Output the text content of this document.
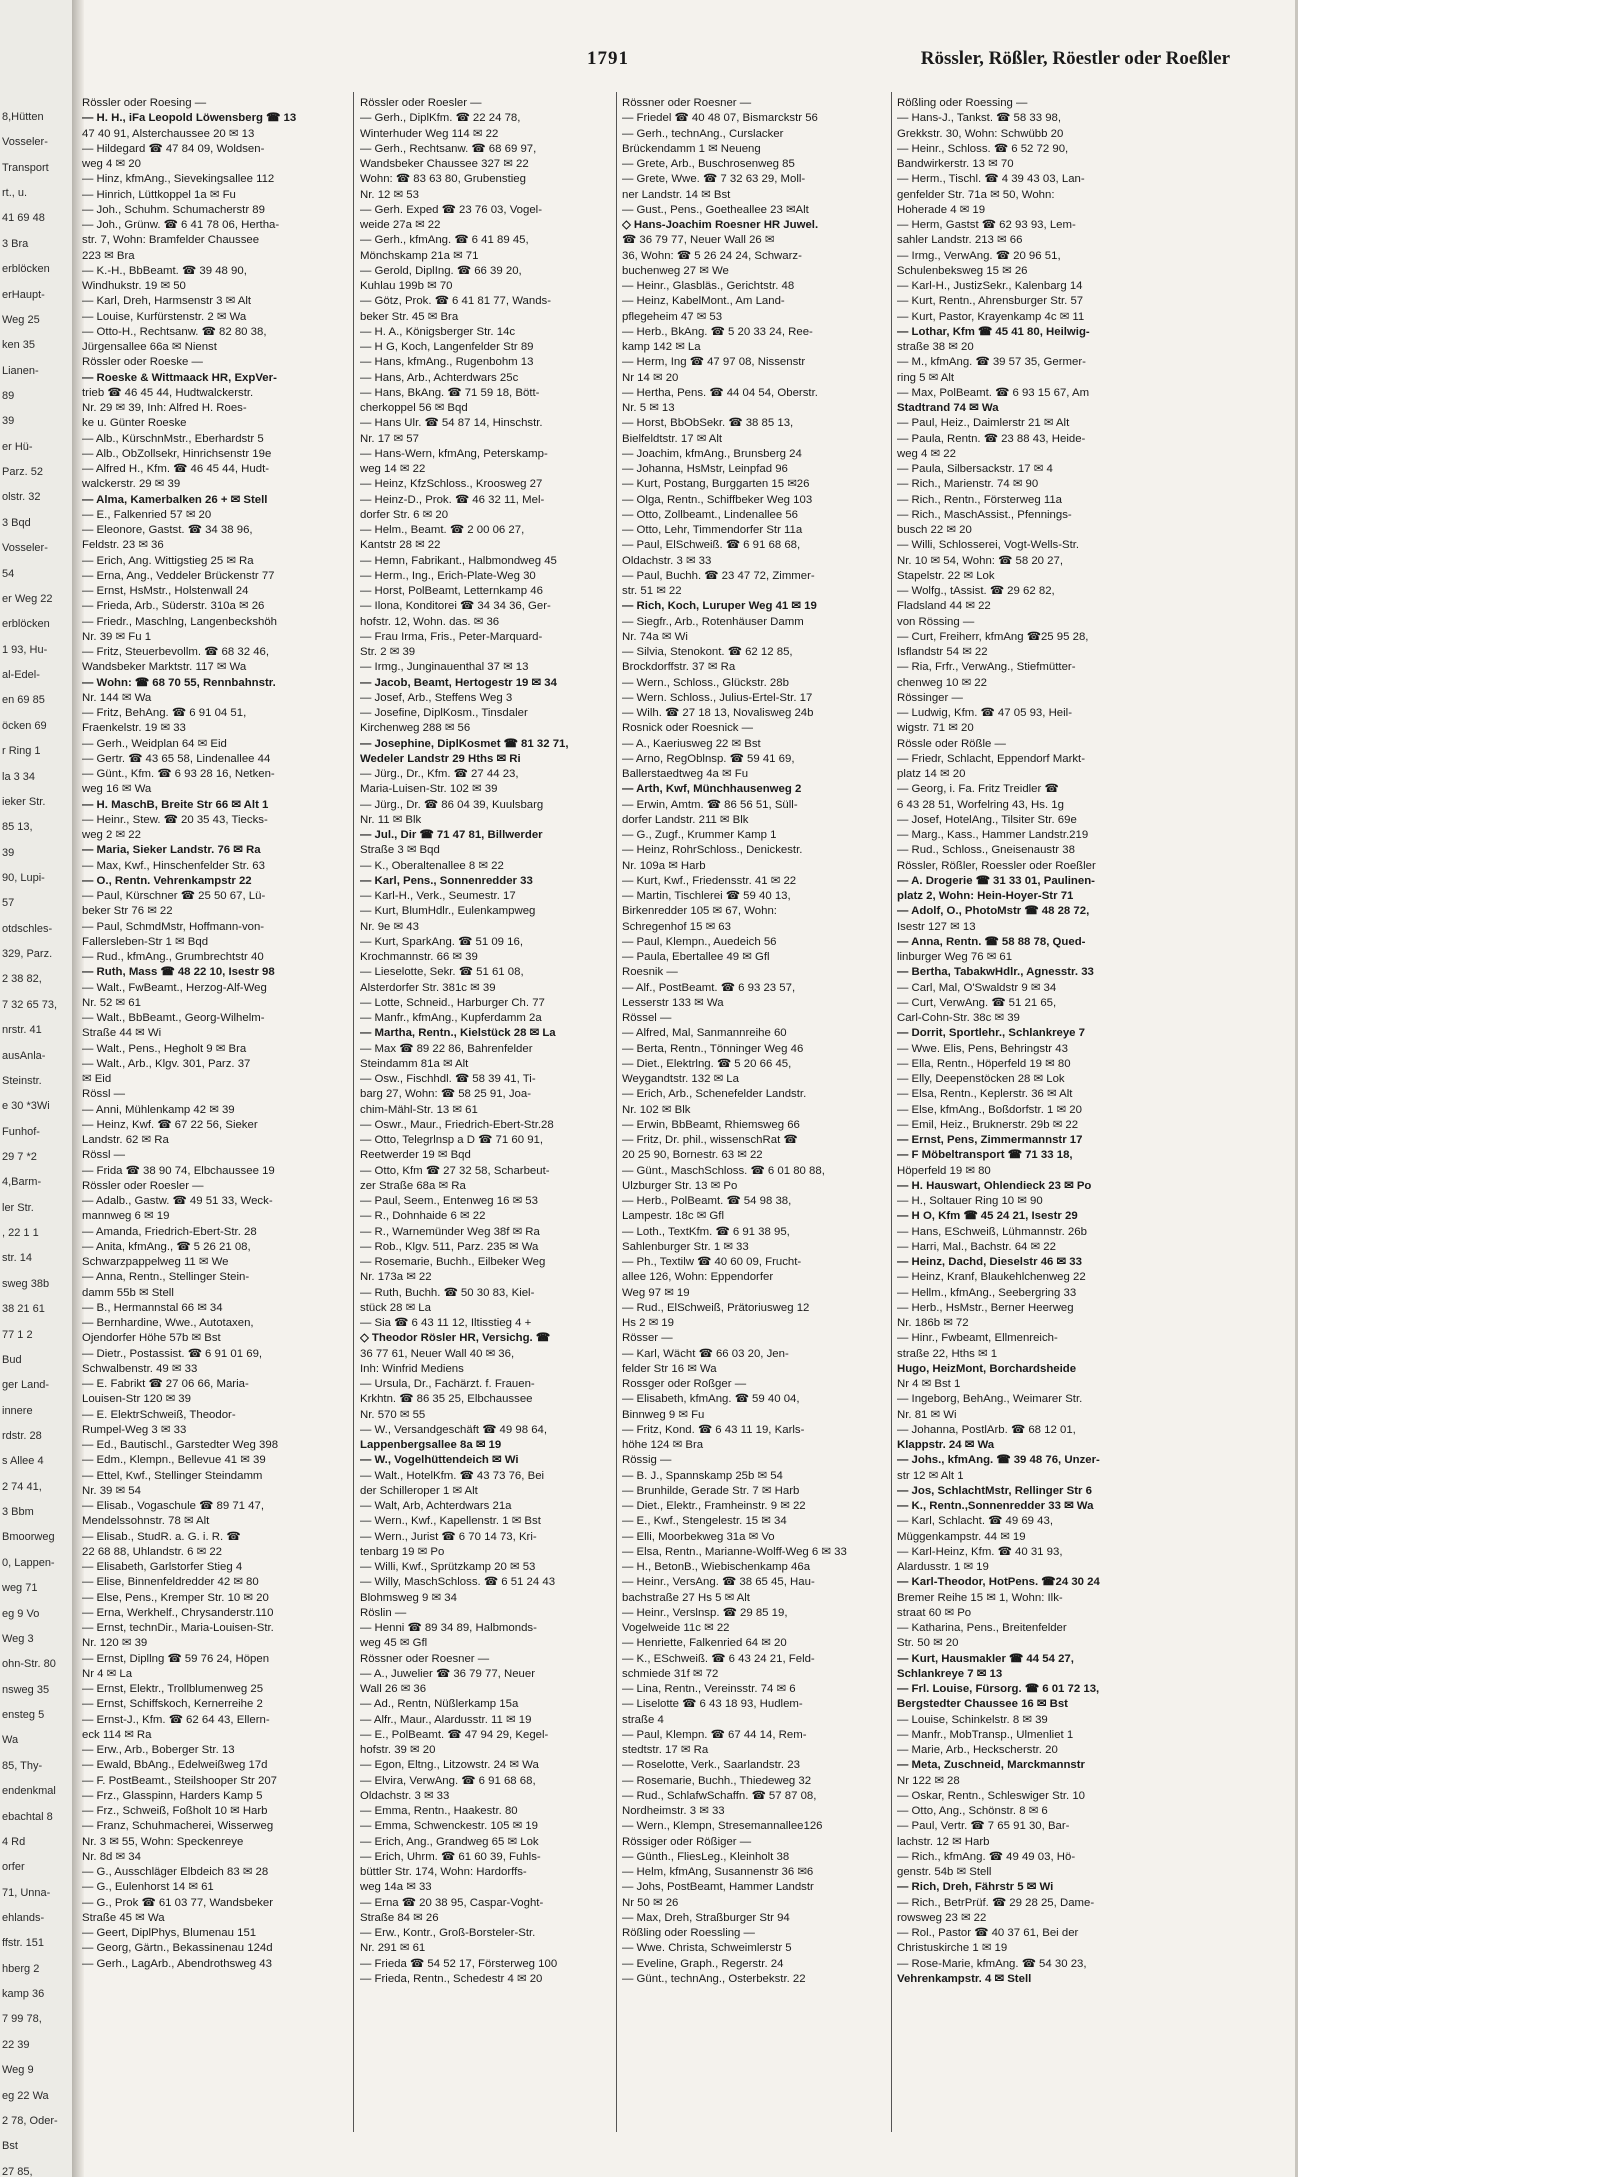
8,Hütten
Vosseler-
Transport
rt., u.
41 69 48
3 Bra
erblöcken
erHaupt-
Weg 25
ken 35
Lianen-
89
39
er Hü-
Parz. 52
olstr. 32
3 Bqd
Vosseler-
54
er Weg 22
erblöcken
1 93, Hu-
al-Edel-
en 69 85
öcken 69
r Ring 1
la 3 34
ieker Str.
85 13,
39
90, Lupi-
57
otdschles-
329, Parz.
2 38 82,
7 32 65 73,
nrstr. 41
ausAnla-
Steinstr.
e 30 *3Wi
Funhof-
29 7 *2
4,Barm-
ler Str.
, 22 1 1
str. 14
sweg 38b
38 21 61
77 1 2
Bud
ger Land-
innere
rdstr. 28
s Allee 4
2 74 41,
3 Bbm
Bmoorweg
0, Lappen-
weg 71
eg 9 Vo
Weg 3
ohn-Str. 80
nsweg 35
ensteg 5
Wa
85, Thy-
endenkmal
ebachtal 8
4 Rd
orfer
71, Unna-
ehlands-
ffstr. 151
hberg 2
kamp 36
7 99 78,
22 39
Weg 9
eg 22 Wa
2 78, Oder-
Bst
27 85,
1791	Rössler, Rößler, Röestler oder Roeßler
Rössler oder Roesing —
— H. H., iFa Leopold Löwensberg ☎ 13
47 40 91, Alsterchaussee 20 ✉ 13
— Hildegard ☎ 47 84 09, Woldsen-
weg 4 ✉ 20
— Hinz, kfmAng., Sievekingsallee 112
— Hinrich, Lüttkoppel 1a ✉ Fu
— Joh., Schuhm. Schumacherstr 89
— Joh., Grünw. ☎ 6 41 78 06, Hertha-
str. 7, Wohn: Bramfelder Chaussee
223 ✉ Bra
— K.-H., BbBeamt. ☎ 39 48 90,
Windhukstr. 19 ✉ 50
— Karl, Dreh, Harmsenstr 3 ✉ Alt
— Louise, Kurfürstenstr. 2 ✉ Wa
— Otto-H., Rechtsanw. ☎ 82 80 38,
Jürgensallee 66a ✉ Nienst
Rössler oder Roeske —
— Roeske & Wittmaack HR, ExpVer-
trieb ☎ 46 45 44, Hudtwalckerstr.
Nr. 29 ✉ 39, Inh: Alfred H. Roes-
ke u. Günter Roeske
— Alb., KürschnMstr., Eberhardstr 5
— Alb., ObZollsekr, Hinrichsenstr 19e
— Alfred H., Kfm. ☎ 46 45 44, Hudt-
walckerstr. 29 ✉ 39
— Alma, Kamerbalken 26 + ✉ Stell
— E., Falkenried 57 ✉ 20
— Eleonore, Gastst. ☎ 34 38 96,
Feldstr. 23 ✉ 36
— Erich, Ang. Wittigstieg 25 ✉ Ra
— Erna, Ang., Veddeler Brückenstr 77
— Ernst, HsMstr., Holstenwall 24
— Frieda, Arb., Süderstr. 310a ✉ 26
— Friedr., Maschlng, Langenbeckshöh
Nr. 39 ✉ Fu 1
— Fritz, Steuerbevollm. ☎ 68 32 46,
Wandsbeker Marktstr. 117 ✉ Wa
— Wohn: ☎ 68 70 55, Rennbahnstr.
Nr. 144 ✉ Wa
— Fritz, BehAng. ☎ 6 91 04 51,
Fraenkelstr. 19 ✉ 33
— Gerh., Weidplan 64 ✉ Eid
— Gertr. ☎ 43 65 58, Lindenallee 44
— Günt., Kfm. ☎ 6 93 28 16, Netken-
weg 16 ✉ Wa
— H. MaschB, Breite Str 66 ✉ Alt 1
— Heinr., Stew. ☎ 20 35 43, Tiecks-
weg 2 ✉ 22
— Maria, Sieker Landstr. 76 ✉ Ra
— Max, Kwf., Hinschenfelder Str. 63
— O., Rentn. Vehrenkampstr 22
— Paul, Kürschner ☎ 25 50 67, Lü-
beker Str 76 ✉ 22
— Paul, SchmdMstr, Hoffmann-von-
Fallersleben-Str 1 ✉ Bqd
— Rud., kfmAng., Grumbrechtstr 40
— Ruth, Mass ☎ 48 22 10, Isestr 98
— Walt., FwBeamt., Herzog-Alf-Weg
Nr. 52 ✉ 61
— Walt., BbBeamt., Georg-Wilhelm-
Straße 44 ✉ Wi
— Walt., Pens., Hegholt 9 ✉ Bra
— Walt., Arb., Klgv. 301, Parz. 37
✉ Eid
Rössl —
— Anni, Mühlenkamp 42 ✉ 39
— Heinz, Kwf. ☎ 67 22 56, Sieker
Landstr. 62 ✉ Ra
Rössl —
— Frida ☎ 38 90 74, Elbchaussee 19
Rössler oder Roesler —
— Adalb., Gastw. ☎ 49 51 33, Weck-
mannweg 6 ✉ 19
— Amanda, Friedrich-Ebert-Str. 28
— Anita, kfmAng., ☎ 5 26 21 08,
Schwarzpappelweg 11 ✉ We
— Anna, Rentn., Stellinger Stein-
damm 55b ✉ Stell
— B., Hermannstal 66 ✉ 34
— Bernhardine, Wwe., Autotaxen,
Ojendorfer Höhe 57b ✉ Bst
— Dietr., Postassist. ☎ 6 91 01 69,
Schwalbenstr. 49 ✉ 33
— E. Fabrikt ☎ 27 06 66, Maria-
Louisen-Str 120 ✉ 39
— E. ElektrSchweiß, Theodor-
Rumpel-Weg 3 ✉ 33
— Ed., Bautischl., Garstedter Weg 398
— Edm., Klempn., Bellevue 41 ✉ 39
— Ettel, Kwf., Stellinger Steindamm
Nr. 39 ✉ 54
— Elisab., Vogaschule ☎ 89 71 47,
Mendelssohnstr. 78 ✉ Alt
— Elisab., StudR. a. G. i. R. ☎
22 68 88, Uhlandstr. 6 ✉ 22
— Elisabeth, Garlstorfer Stieg 4
— Elise, Binnenfeldredder 42 ✉ 80
— Else, Pens., Kremper Str. 10 ✉ 20
— Erna, Werkhelf., Chrysanderstr.110
— Ernst, technDir., Maria-Louisen-Str.
Nr. 120 ✉ 39
— Ernst, Dipllng ☎ 59 76 24, Höpen
Nr 4 ✉ La
— Ernst, Elektr., Trollblumenweg 25
— Ernst, Schiffskoch, Kernerreihe 2
— Ernst-J., Kfm. ☎ 62 64 43, Ellern-
eck 114 ✉ Ra
— Erw., Arb., Boberger Str. 13
— Ewald, BbAng., Edelweißweg 17d
— F. PostBeamt., Steilshooper Str 207
— Frz., Glasspinn, Harders Kamp 5
— Frz., Schweiß, Foßholt 10 ✉ Harb
— Franz, Schuhmacherei, Wisserweg
Nr. 3 ✉ 55, Wohn: Speckenreye
Nr. 8d ✉ 34
— G., Ausschläger Elbdeich 83 ✉ 28
— G., Eulenhorst 14 ✉ 61
— G., Prok ☎ 61 03 77, Wandsbeker
Straße 45 ✉ Wa
— Geert, DiplPhys, Blumenau 151
— Georg, Gärtn., Bekassinenau 124d
— Gerh., LagArb., Abendrothsweg 43
Rössler oder Roesler —
— Gerh., DiplKfm. ☎ 22 24 78,
Winterhuder Weg 114 ✉ 22
— Gerh., Rechtsanw. ☎ 68 69 97,
Wandsbeker Chaussee 327 ✉ 22
Wohn: ☎ 83 63 80, Grubenstieg
Nr. 12 ✉ 53
— Gerh. Exped ☎ 23 76 03, Vogel-
weide 27a ✉ 22
— Gerh., kfmAng. ☎ 6 41 89 45,
Mönchskamp 21a ✉ 71
— Gerold, DiplIng. ☎ 66 39 20,
Kuhlau 199b ✉ 70
— Götz, Prok. ☎ 6 41 81 77, Wands-
beker Str. 45 ✉ Bra
— H. A., Königsberger Str. 14c
— H G, Koch, Langenfelder Str 89
— Hans, kfmAng., Rugenbohm 13
— Hans, Arb., Achterdwars 25c
— Hans, BkAng. ☎ 71 59 18, Bött-
cherkoppel 56 ✉ Bqd
— Hans Ulr. ☎ 54 87 14, Hinschstr.
Nr. 17 ✉ 57
— Hans-Wern, kfmAng, Peterskamp-
weg 14 ✉ 22
— Heinz, KfzSchloss., Kroosweg 27
— Heinz-D., Prok. ☎ 46 32 11, Mel-
dorfer Str. 6 ✉ 20
— Helm., Beamt. ☎ 2 00 06 27,
Kantstr 28 ✉ 22
— Hemn, Fabrikant., Halbmondweg 45
— Herm., Ing., Erich-Plate-Weg 30
— Horst, PolBeamt, Letternkamp 46
— Ilona, Konditorei ☎ 34 34 36, Ger-
hofstr. 12, Wohn. das. ✉ 36
— Frau Irma, Fris., Peter-Marquard-
Str. 2 ✉ 39
— Irmg., Junginauenthal 37 ✉ 13
— Jacob, Beamt, Hertogestr 19 ✉ 34
— Josef, Arb., Steffens Weg 3
— Josefine, DiplKosm., Tinsdaler
Kirchenweg 288 ✉ 56
— Josephine, DiplKosmet ☎ 81 32 71,
Wedeler Landstr 29 Hths ✉ Ri
— Jürg., Dr., Kfm. ☎ 27 44 23,
Maria-Luisen-Str. 102 ✉ 39
— Jürg., Dr. ☎ 86 04 39, Kuulsbarg
Nr. 11 ✉ Blk
— Jul., Dir ☎ 71 47 81, Billwerder
Straße 3 ✉ Bqd
— K., Oberaltenallee 8 ✉ 22
— Karl, Pens., Sonnenredder 33
— Karl-H., Verk., Seumestr. 17
— Kurt, BlumHdlr., Eulenkampweg
Nr. 9e ✉ 43
— Kurt, SparkAng. ☎ 51 09 16,
Krochmannstr. 66 ✉ 39
— Lieselotte, Sekr. ☎ 51 61 08,
Alsterdorfer Str. 381c ✉ 39
— Lotte, Schneid., Harburger Ch. 77
— Manfr., kfmAng., Kupferdamm 2a
— Martha, Rentn., Kielstück 28 ✉ La
— Max ☎ 89 22 86, Bahrenfelder
Steindamm 81a ✉ Alt
— Osw., Fischhdl. ☎ 58 39 41, Ti-
barg 27, Wohn: ☎ 58 25 91, Joa-
chim-Mähl-Str. 13 ✉ 61
— Oswr., Maur., Friedrich-Ebert-Str.28
— Otto, Telegrlnsp a D ☎ 71 60 91,
Reetwerder 19 ✉ Bqd
— Otto, Kfm ☎ 27 32 58, Scharbeut-
zer Straße 68a ✉ Ra
— Paul, Seem., Entenweg 16 ✉ 53
— R., Dohnhaide 6 ✉ 22
— R., Warnemünder Weg 38f ✉ Ra
— Rob., Klgv. 511, Parz. 235 ✉ Wa
— Rosemarie, Buchh., Eilbeker Weg
Nr. 173a ✉ 22
— Ruth, Buchh. ☎ 50 30 83, Kiel-
stück 28 ✉ La
— Sia ☎ 6 43 11 12, Iltisstieg 4 +
◇ Theodor Rösler HR, Versichg. ☎
36 77 61, Neuer Wall 40 ✉ 36,
Inh: Winfrid Mediens
— Ursula, Dr., Fachärzt. f. Frauen-
Krkhtn. ☎ 86 35 25, Elbchaussee
Nr. 570 ✉ 55
— W., Versandgeschäft ☎ 49 98 64,
Lappenbergsallee 8a ✉ 19
— W., Vogelhüttendeich ✉ Wi
— Walt., HotelKfm. ☎ 43 73 76, Bei
der Schilleroper 1 ✉ Alt
— Walt, Arb, Achterdwars 21a
— Wern., Kwf., Kapellenstr. 1 ✉ Bst
— Wern., Jurist ☎ 6 70 14 73, Kri-
tenbarg 19 ✉ Po
— Willi, Kwf., Sprützkamp 20 ✉ 53
— Willy, MaschSchloss. ☎ 6 51 24 43
Blohmsweg 9 ✉ 34
Röslin —
— Henni ☎ 89 34 89, Halbmonds-
weg 45 ✉ Gfl
Rössner oder Roesner —
— A., Juwelier ☎ 36 79 77, Neuer
Wall 26 ✉ 36
— Ad., Rentn, Nüßlerkamp 15a
— Alfr., Maur., Alardusstr. 11 ✉ 19
— E., PolBeamt. ☎ 47 94 29, Kegel-
hofstr. 39 ✉ 20
— Egon, Eltng., Litzowstr. 24 ✉ Wa
— Elvira, VerwAng. ☎ 6 91 68 68,
Oldachstr. 3 ✉ 33
— Emma, Rentn., Haakestr. 80
— Emma, Schwenckestr. 105 ✉ 19
— Erich, Ang., Grandweg 65 ✉ Lok
— Erich, Uhrm. ☎ 61 60 39, Fuhls-
büttler Str. 174, Wohn: Hardorffs-
weg 14a ✉ 33
— Erna ☎ 20 38 95, Caspar-Voght-
Straße 84 ✉ 26
— Erw., Kontr., Groß-Borsteler-Str.
Nr. 291 ✉ 61
— Frieda ☎ 54 52 17, Försterweg 100
— Frieda, Rentn., Schedestr 4 ✉ 20
Rössner oder Roesner —
— Friedel ☎ 40 48 07, Bismarckstr 56
— Gerh., technAng., Curslacker
Brückendamm 1 ✉ Neueng
— Grete, Arb., Buschrosenweg 85
— Grete, Wwe. ☎ 7 32 63 29, Moll-
ner Landstr. 14 ✉ Bst
— Gust., Pens., Goetheallee 23 ✉Alt
◇ Hans-Joachim Roesner HR Juwel.
☎ 36 79 77, Neuer Wall 26 ✉
36, Wohn: ☎ 5 26 24 24, Schwarz-
buchenweg 27 ✉ We
— Heinr., Glasbläs., Gerichtstr. 48
— Heinz, KabelMont., Am Land-
pflegeheim 47 ✉ 53
— Herb., BkAng. ☎ 5 20 33 24, Ree-
kamp 142 ✉ La
— Herm, Ing ☎ 47 97 08, Nissenstr
Nr 14 ✉ 20
— Hertha, Pens. ☎ 44 04 54, Oberstr.
Nr. 5 ✉ 13
— Horst, BbObSekr. ☎ 38 85 13,
Bielfeldtstr. 17 ✉ Alt
— Joachim, kfmAng., Brunsberg 24
— Johanna, HsMstr, Leinpfad 96
— Kurt, Postang, Burggarten 15 ✉26
— Olga, Rentn., Schiffbeker Weg 103
— Otto, Zollbeamt., Lindenallee 56
— Otto, Lehr, Timmendorfer Str 11a
— Paul, ElSchweiß. ☎ 6 91 68 68,
Oldachstr. 3 ✉ 33
— Paul, Buchh. ☎ 23 47 72, Zimmer-
str. 51 ✉ 22
— Rich, Koch, Luruper Weg 41 ✉ 19
— Siegfr., Arb., Rotenhäuser Damm
Nr. 74a ✉ Wi
— Silvia, Stenokont. ☎ 62 12 85,
Brockdorffstr. 37 ✉ Ra
— Wern., Schloss., Glückstr. 28b
— Wern. Schloss., Julius-Ertel-Str. 17
— Wilh. ☎ 27 18 13, Novalisweg 24b
Rosnick oder Roesnick —
— A., Kaeriusweg 22 ✉ Bst
— Arno, RegOblnsp. ☎ 59 41 69,
Ballerstaedtweg 4a ✉ Fu
— Arth, Kwf, Münchhausenweg 2
— Erwin, Amtm. ☎ 86 56 51, Süll-
dorfer Landstr. 211 ✉ Blk
— G., Zugf., Krummer Kamp 1
— Heinz, RohrSchloss., Denickestr.
Nr. 109a ✉ Harb
— Kurt, Kwf., Friedensstr. 41 ✉ 22
— Martin, Tischlerei ☎ 59 40 13,
Birkenredder 105 ✉ 67, Wohn:
Schregenhof 15 ✉ 63
— Paul, Klempn., Auedeich 56
— Paula, Ebertallee 49 ✉ Gfl
Roesnik —
— Alf., PostBeamt. ☎ 6 93 23 57,
Lesserstr 133 ✉ Wa
Rössel —
— Alfred, Mal, Sanmannreihe 60
— Berta, Rentn., Tönninger Weg 46
— Diet., Elektrlng. ☎ 5 20 66 45,
Weygandtstr. 132 ✉ La
— Erich, Arb., Schenefelder Landstr.
Nr. 102 ✉ Blk
— Erwin, BbBeamt, Rhiemsweg 66
— Fritz, Dr. phil., wissenschRat ☎
20 25 90, Bornestr. 63 ✉ 22
— Günt., MaschSchloss. ☎ 6 01 80 88,
Ulzburger Str. 13 ✉ Po
— Herb., PolBeamt. ☎ 54 98 38,
Lampestr. 18c ✉ Gfl
— Loth., TextKfm. ☎ 6 91 38 95,
Sahlenburger Str. 1 ✉ 33
— Ph., Textilw ☎ 40 60 09, Frucht-
allee 126, Wohn: Eppendorfer
Weg 97 ✉ 19
— Rud., ElSchweiß, Prätoriusweg 12
Hs 2 ✉ 19
Rösser —
— Karl, Wächt ☎ 66 03 20, Jen-
felder Str 16 ✉ Wa
Rossger oder Roßger —
— Elisabeth, kfmAng. ☎ 59 40 04,
Binnweg 9 ✉ Fu
— Fritz, Kond. ☎ 6 43 11 19, Karls-
höhe 124 ✉ Bra
Rössig —
— B. J., Spannskamp 25b ✉ 54
— Brunhilde, Gerade Str. 7 ✉ Harb
— Diet., Elektr., Framheinstr. 9 ✉ 22
— E., Kwf., Stengelestr. 15 ✉ 34
— Elli, Moorbekweg 31a ✉ Vo
— Elsa, Rentn., Marianne-Wolff-Weg 6 ✉ 33
— H., BetonB., Wiebischenkamp 46a
— Heinr., VersAng. ☎ 38 65 45, Hau-
bachstraße 27 Hs 5 ✉ Alt
— Heinr., Verslnsp. ☎ 29 85 19,
Vogelweide 11c ✉ 22
— Henriette, Falkenried 64 ✉ 20
— K., ESchweiß. ☎ 6 43 24 21, Feld-
schmiede 31f ✉ 72
— Lina, Rentn., Vereinsstr. 74 ✉ 6
— Liselotte ☎ 6 43 18 93, Hudlem-
straße 4
— Paul, Klempn. ☎ 67 44 14, Rem-
stedtstr. 17 ✉ Ra
— Roselotte, Verk., Saarlandstr. 23
— Rosemarie, Buchh., Thiedeweg 32
— Rud., SchlafwSchaffn. ☎ 57 87 08,
Nordheimstr. 3 ✉ 33
— Wern., Klempn, Stresemannallee126
Rössiger oder Rößiger —
— Günth., FliesLeg., Kleinholt 38
— Helm, kfmAng, Susannenstr 36 ✉6
— Johs, PostBeamt, Hammer Landstr
Nr 50 ✉ 26
— Max, Dreh, Straßburger Str 94
Rößling oder Roessling —
— Wwe. Christa, Schweimlerstr 5
— Eveline, Graph., Regerstr. 24
— Günt., technAng., Osterbekstr. 22
Rößling oder Roessing —
— Hans-J., Tankst. ☎ 58 33 98,
Grekkstr. 30, Wohn: Schwübb 20
— Heinr., Schloss. ☎ 6 52 72 90,
Bandwirkerstr. 13 ✉ 70
— Herm., Tischl. ☎ 4 39 43 03, Lan-
genfelder Str. 71a ✉ 50, Wohn:
Hoherade 4 ✉ 19
— Herm, Gastst ☎ 62 93 93, Lem-
sahler Landstr. 213 ✉ 66
— Irmg., VerwAng. ☎ 20 96 51,
Schulenbeksweg 15 ✉ 26
— Karl-H., JustizSekr., Kalenbarg 14
— Kurt, Rentn., Ahrensburger Str. 57
— Kurt, Pastor, Krayenkamp 4c ✉ 11
— Lothar, Kfm ☎ 45 41 80, Heilwig-
straße 38 ✉ 20
— M., kfmAng. ☎ 39 57 35, Germer-
ring 5 ✉ Alt
— Max, PolBeamt. ☎ 6 93 15 67, Am
Stadtrand 74 ✉ Wa
— Paul, Heiz., Daimlerstr 21 ✉ Alt
— Paula, Rentn. ☎ 23 88 43, Heide-
weg 4 ✉ 22
— Paula, Silbersackstr. 17 ✉ 4
— Rich., Marienstr. 74 ✉ 90
— Rich., Rentn., Försterweg 11a
— Rich., MaschAssist., Pfennings-
busch 22 ✉ 20
— Willi, Schlosserei, Vogt-Wells-Str.
Nr. 10 ✉ 54, Wohn: ☎ 58 20 27,
Stapelstr. 22 ✉ Lok
— Wolfg., tAssist. ☎ 29 62 82,
Fladsland 44 ✉ 22
von Rössing —
— Curt, Freiherr, kfmAng ☎25 95 28,
Isflandstr 54 ✉ 22
— Ria, Frfr., VerwAng., Stiefmütter-
chenweg 10 ✉ 22
Rössinger —
— Ludwig, Kfm. ☎ 47 05 93, Heil-
wigstr. 71 ✉ 20
Rössle oder Rößle —
— Friedr, Schlacht, Eppendorf Markt-
platz 14 ✉ 20
— Georg, i. Fa. Fritz Treidler ☎
6 43 28 51, Worfelring 43, Hs. 1g
— Josef, HotelAng., Tilsiter Str. 69e
— Marg., Kass., Hammer Landstr.219
— Rud., Schloss., Gneisenaustr 38
Rössler, Rößler, Roessler oder Roeßler
— A. Drogerie ☎ 31 33 01, Paulinen-
platz 2, Wohn: Hein-Hoyer-Str 71
— Adolf, O., PhotoMstr ☎ 48 28 72,
Isestr 127 ✉ 13
— Anna, Rentn. ☎ 58 88 78, Qued-
linburger Weg 76 ✉ 61
— Bertha, TabakwHdlr., Agnesstr. 33
— Carl, Mal, O'Swaldstr 9 ✉ 34
— Curt, VerwAng. ☎ 51 21 65,
Carl-Cohn-Str. 38c ✉ 39
— Dorrit, Sportlehr., Schlankreye 7
— Wwe. Elis, Pens, Behringstr 43
— Ella, Rentn., Höperfeld 19 ✉ 80
— Elly, Deepenstöcken 28 ✉ Lok
— Elsa, Rentn., Keplerstr. 36 ✉ Alt
— Else, kfmAng., Boßdorfstr. 1 ✉ 20
— Emil, Heiz., Bruknerstr. 29b ✉ 22
— Ernst, Pens, Zimmermannstr 17
— F Möbeltransport ☎ 71 33 18,
Höperfeld 19 ✉ 80
— H. Hauswart, Ohlendieck 23 ✉ Po
— H., Soltauer Ring 10 ✉ 90
— H O, Kfm ☎ 45 24 21, Isestr 29
— Hans, ESchweiß, Lühmannstr. 26b
— Harri, Mal., Bachstr. 64 ✉ 22
— Heinz, Dachd, Dieselstr 46 ✉ 33
— Heinz, Kranf, Blaukehlchenweg 22
— Hellm., kfmAng., Seebergring 33
— Herb., HsMstr., Berner Heerweg
Nr. 186b ✉ 72
— Hinr., Fwbeamt, Ellmenreich-
straße 22, Hths ✉ 1
Hugo, HeizMont, Borchardsheide
Nr 4 ✉ Bst 1
— Ingeborg, BehAng., Weimarer Str.
Nr. 81 ✉ Wi
— Johanna, PostlArb. ☎ 68 12 01,
Klappstr. 24 ✉ Wa
— Johs., kfmAng. ☎ 39 48 76, Unzer-
str 12 ✉ Alt 1
— Jos, SchlachtMstr, Rellinger Str 6
— K., Rentn.,Sonnenredder 33 ✉ Wa
— Karl, Schlacht. ☎ 49 69 43,
Müggenkampstr. 44 ✉ 19
— Karl-Heinz, Kfm. ☎ 40 31 93,
Alardusstr. 1 ✉ 19
— Karl-Theodor, HotPens. ☎24 30 24
Bremer Reihe 15 ✉ 1, Wohn: Ilk-
straat 60 ✉ Po
— Katharina, Pens., Breitenfelder
Str. 50 ✉ 20
— Kurt, Hausmakler ☎ 44 54 27,
Schlankreye 7 ✉ 13
— Frl. Louise, Fürsorg. ☎ 6 01 72 13,
Bergstedter Chaussee 16 ✉ Bst
— Louise, Schinkelstr. 8 ✉ 39
— Manfr., MobTransp., Ulmenliet 1
— Marie, Arb., Heckscherstr. 20
— Meta, Zuschneid, Marckmannstr
Nr 122 ✉ 28
— Oskar, Rentn., Schleswiger Str. 10
— Otto, Ang., Schönstr. 8 ✉ 6
— Paul, Vertr. ☎ 7 65 91 30, Bar-
lachstr. 12 ✉ Harb
— Rich., kfmAng. ☎ 49 49 03, Hö-
genstr. 54b ✉ Stell
— Rich, Dreh, Fährstr 5 ✉ Wi
— Rich., BetrPrüf. ☎ 29 28 25, Dame-
rowsweg 23 ✉ 22
— Rol., Pastor ☎ 40 37 61, Bei der
Christuskirche 1 ✉ 19
— Rose-Marie, kfmAng. ☎ 54 30 23,
Vehrenkampstr. 4 ✉ Stell
